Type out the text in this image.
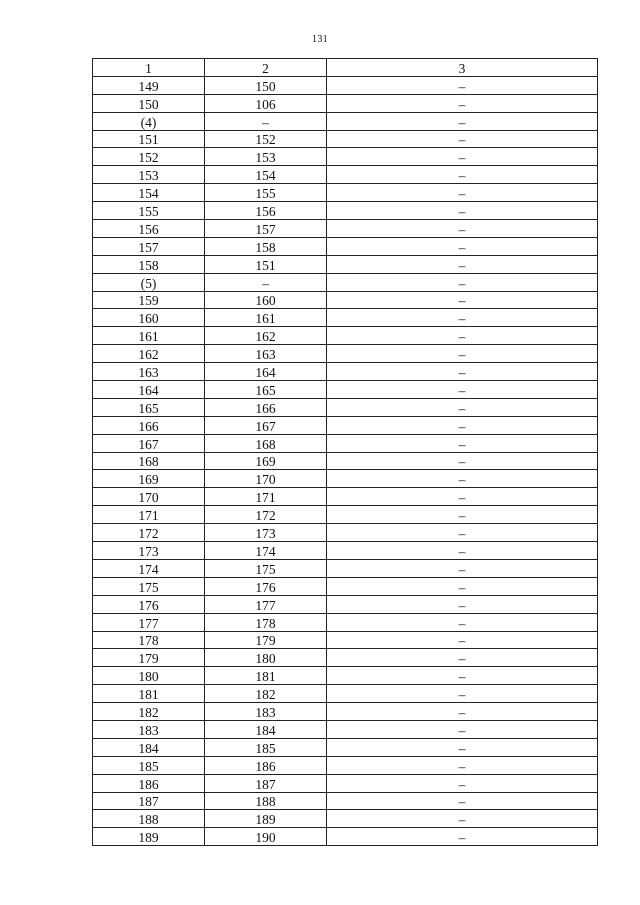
131
1	2	3
149	150	–
150	106	–
(4)	–	–
151	152	–
152	153	–
153	154	–
154	155	–
155	156	–
156	157	–
157	158	–
158	151	–
(5)	–	–
159	160	–
160	161	–
161	162	–
162	163	–
163	164	–
164	165	–
165	166	–
166	167	–
167	168	–
168	169	–
169	170	–
170	171	–
171	172	–
172	173	–
173	174	–
174	175	–
175	176	–
176	177	–
177	178	–
178	179	–
179	180	–
180	181	–
181	182	–
182	183	–
183	184	–
184	185	–
185	186	–
186	187	–
187	188	–
188	189	–
189	190	–
